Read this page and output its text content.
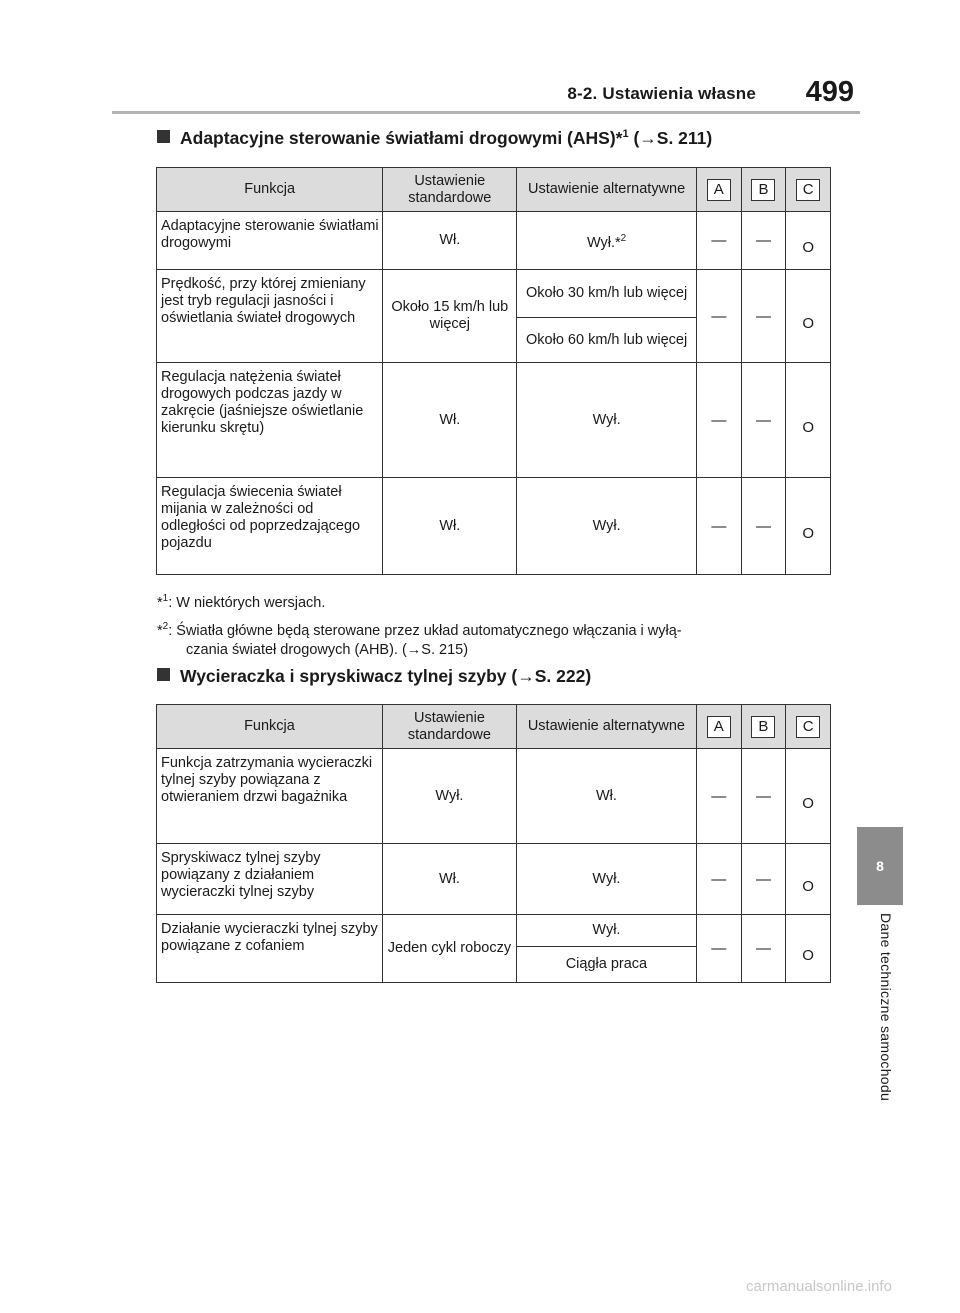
8-2. Ustawienia własne 499
8
Dane techniczne samochodu
Adaptacyjne sterowanie światłami drogowymi (AHS)*$^1$ (→S. 211)
Funkcja	Ustawienie standardowe	Ustawienie alternatywne	A	B	C
Adaptacyjne sterowanie światłami drogowymi	Wł.	Wył.*$^2$	—	—	O
Prędkość, przy której zmieniany jest tryb regulacji jasności i oświetlania świateł drogowych	Około 15 km/h lub więcej	Około 30 km/h lub więcej	—	—	O
		Około 60 km/h lub więcej			
Regulacja natężenia świateł drogowych podczas jazdy w zakręcie (jaśniejsze oświetlanie kierunku skrętu)	Wł.	Wył.	—	—	O
Regulacja świecenia świateł mijania w zależności od odległości od poprzedzającego pojazdu	Wł.	Wył.	—	—	O
*$^1$: W niektórych wersjach.
*$^2$: Światła główne będą sterowane przez układ automatycznego włączania i wyłą-
czania świateł drogowych (AHB). (→S. 215)
Wycieraczka i spryskiwacz tylnej szyby (→S. 222)
Funkcja	Ustawienie standardowe	Ustawienie alternatywne	A	B	C
Funkcja zatrzymania wycieraczki tylnej szyby powiązana z otwieraniem drzwi bagażnika	Wył.	Wł.	—	—	O
Spryskiwacz tylnej szyby powiązany z działaniem wycieraczki tylnej szyby	Wł.	Wył.	—	—	O
Działanie wycieraczki tylnej szyby powiązane z cofaniem	Jeden cykl roboczy	Wył.	—	—	O
		Ciągła praca			
carmanualsonline.info
